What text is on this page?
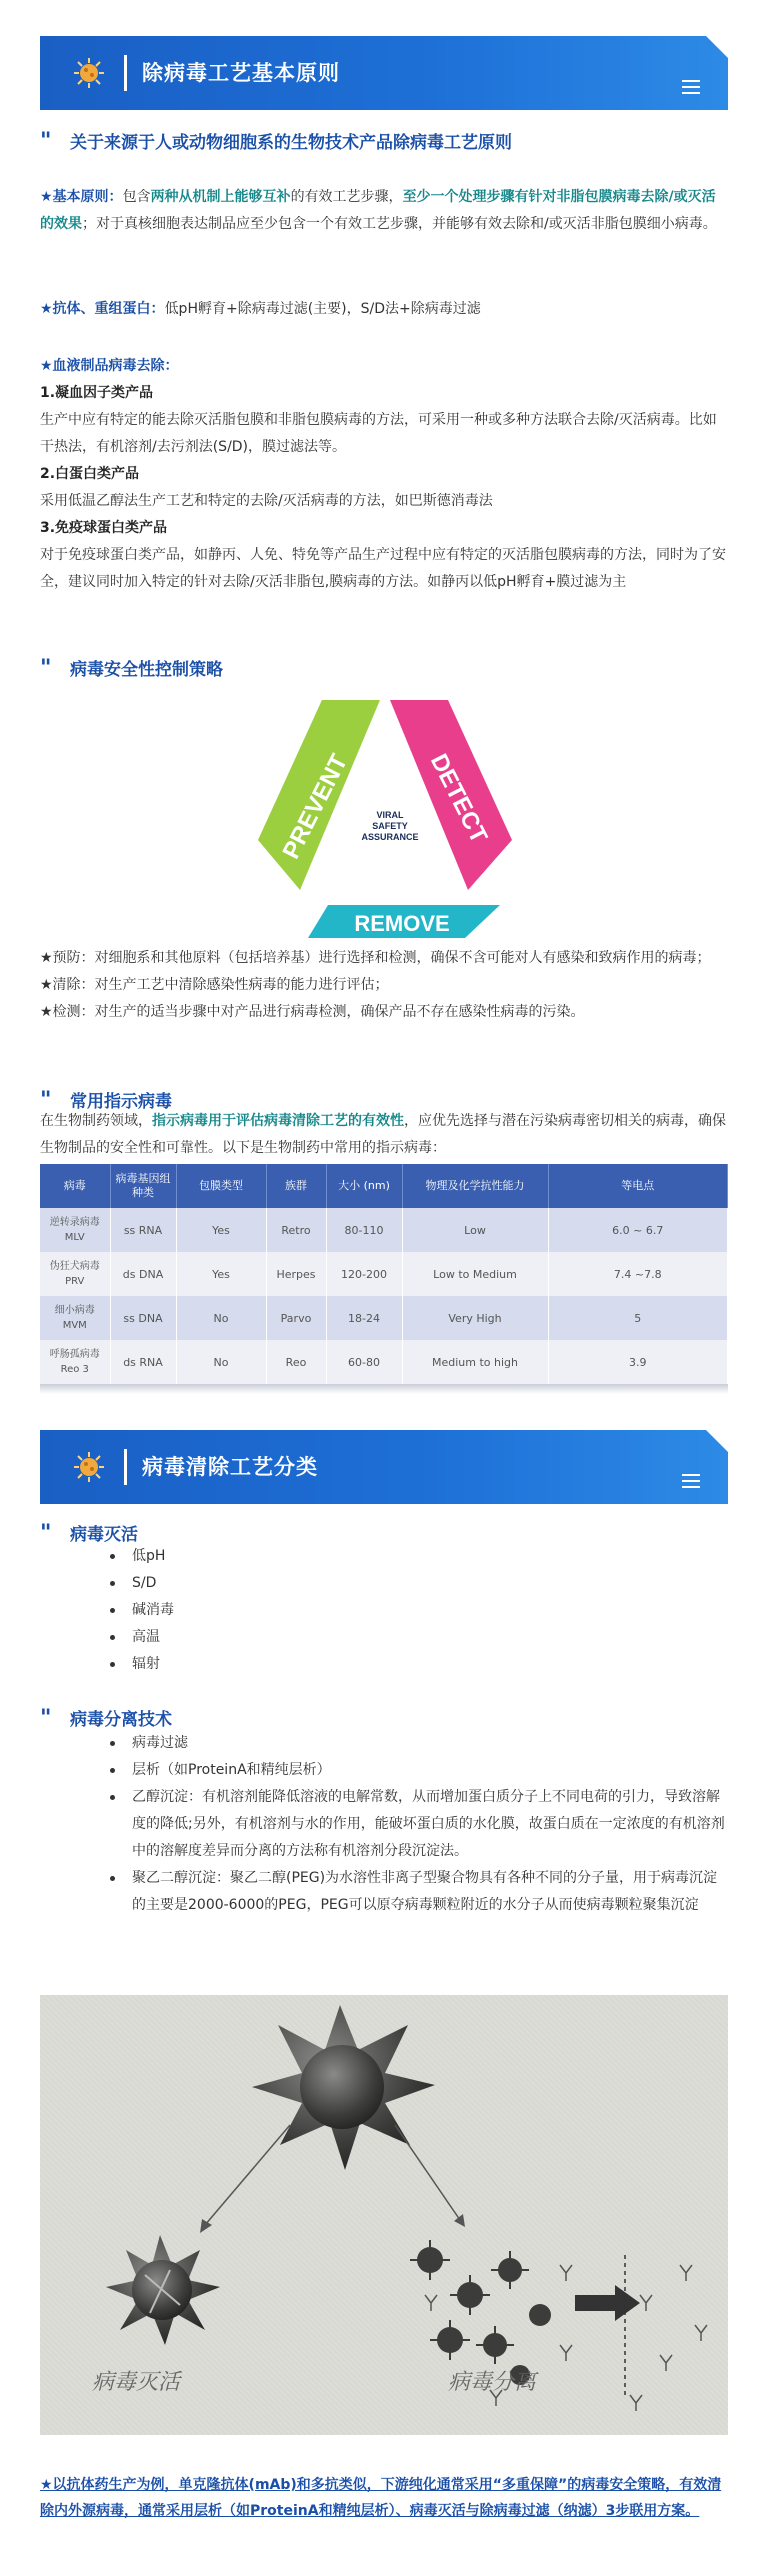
除病毒工艺基本原则
" 关于来源于人或动物细胞系的生物技术产品除病毒工艺原则
★基本原则：包含两种从机制上能够互补的有效工艺步骤，至少一个处理步骤有针对非脂包膜病毒去除/或灭活的效果；对于真核细胞表达制品应至少包含一个有效工艺步骤，并能够有效去除和/或灭活非脂包膜细小病毒。
★抗体、重组蛋白：低pH孵育+除病毒过滤(主要)，S/D法+除病毒过滤
★血液制品病毒去除：
1.凝血因子类产品
生产中应有特定的能去除灭活脂包膜和非脂包膜病毒的方法，可采用一种或多种方法联合去除/灭活病毒。比如干热法，有机溶剂/去污剂法(S/D)，膜过滤法等。
2.白蛋白类产品
采用低温乙醇法生产工艺和特定的去除/灭活病毒的方法，如巴斯德消毒法
3.免疫球蛋白类产品
对于免疫球蛋白类产品，如静丙、人免、特免等产品生产过程中应有特定的灭活脂包膜病毒的方法，同时为了安全，建议同时加入特定的针对去除/灭活非脂包,膜病毒的方法。如静丙以低pH孵育+膜过滤为主
" 病毒安全性控制策略
PREVENT	DETECT
REMOVE
VIRAL
SAFETY
ASSURANCE
★预防：对细胞系和其他原料（包括培养基）进行选择和检测，确保不含可能对人有感染和致病作用的病毒；
★清除：对生产工艺中清除感染性病毒的能力进行评估；
★检测：对生产的适当步骤中对产品进行病毒检测，确保产品不存在感染性病毒的污染。
" 常用指示病毒
在生物制药领域，指示病毒用于评估病毒清除工艺的有效性，应优先选择与潜在污染病毒密切相关的病毒，确保生物制品的安全性和可靠性。以下是生物制药中常用的指示病毒：
病毒	病毒基因组种类	包膜类型	族群	大小 (nm)	物理及化学抗性能力	等电点

逆转录病毒
MLV	ss RNA	Yes	Retro	80-110	Low	6.0 ~ 6.7

伪狂犬病毒
PRV	ds DNA	Yes	Herpes	120-200	Low to Medium	7.4 ~7.8

细小病毒
MVM	ss DNA	No	Parvo	18-24	Very High	5

呼肠孤病毒
Reo 3	ds RNA	No	Reo	60-80	Medium to high	3.9
病毒清除工艺分类
" 病毒灭活
低pH
S/D
碱消毒
高温
辐射
" 病毒分离技术
病毒过滤
层析（如ProteinA和精纯层析）
乙醇沉淀：有机溶剂能降低溶液的电解常数，从而增加蛋白质分子上不同电荷的引力，导致溶解度的降低;另外，有机溶剂与水的作用，能破坏蛋白质的水化膜，故蛋白质在一定浓度的有机溶剂中的溶解度差异而分离的方法称有机溶剂分段沉淀法。
聚乙二醇沉淀：聚乙二醇(PEG)为水溶性非离子型聚合物具有各种不同的分子量，用于病毒沉淀的主要是2000-6000的PEG，PEG可以原夺病毒颗粒附近的水分子从而使病毒颗粒聚集沉淀
病毒灭活	病毒分离
★以抗体药生产为例，单克隆抗体(mAb)和多抗类似，下游纯化通常采用“多重保障”的病毒安全策略，有效清除内外源病毒，通常采用层析（如ProteinA和精纯层析）、病毒灭活与除病毒过滤（纳滤）3步联用方案。
